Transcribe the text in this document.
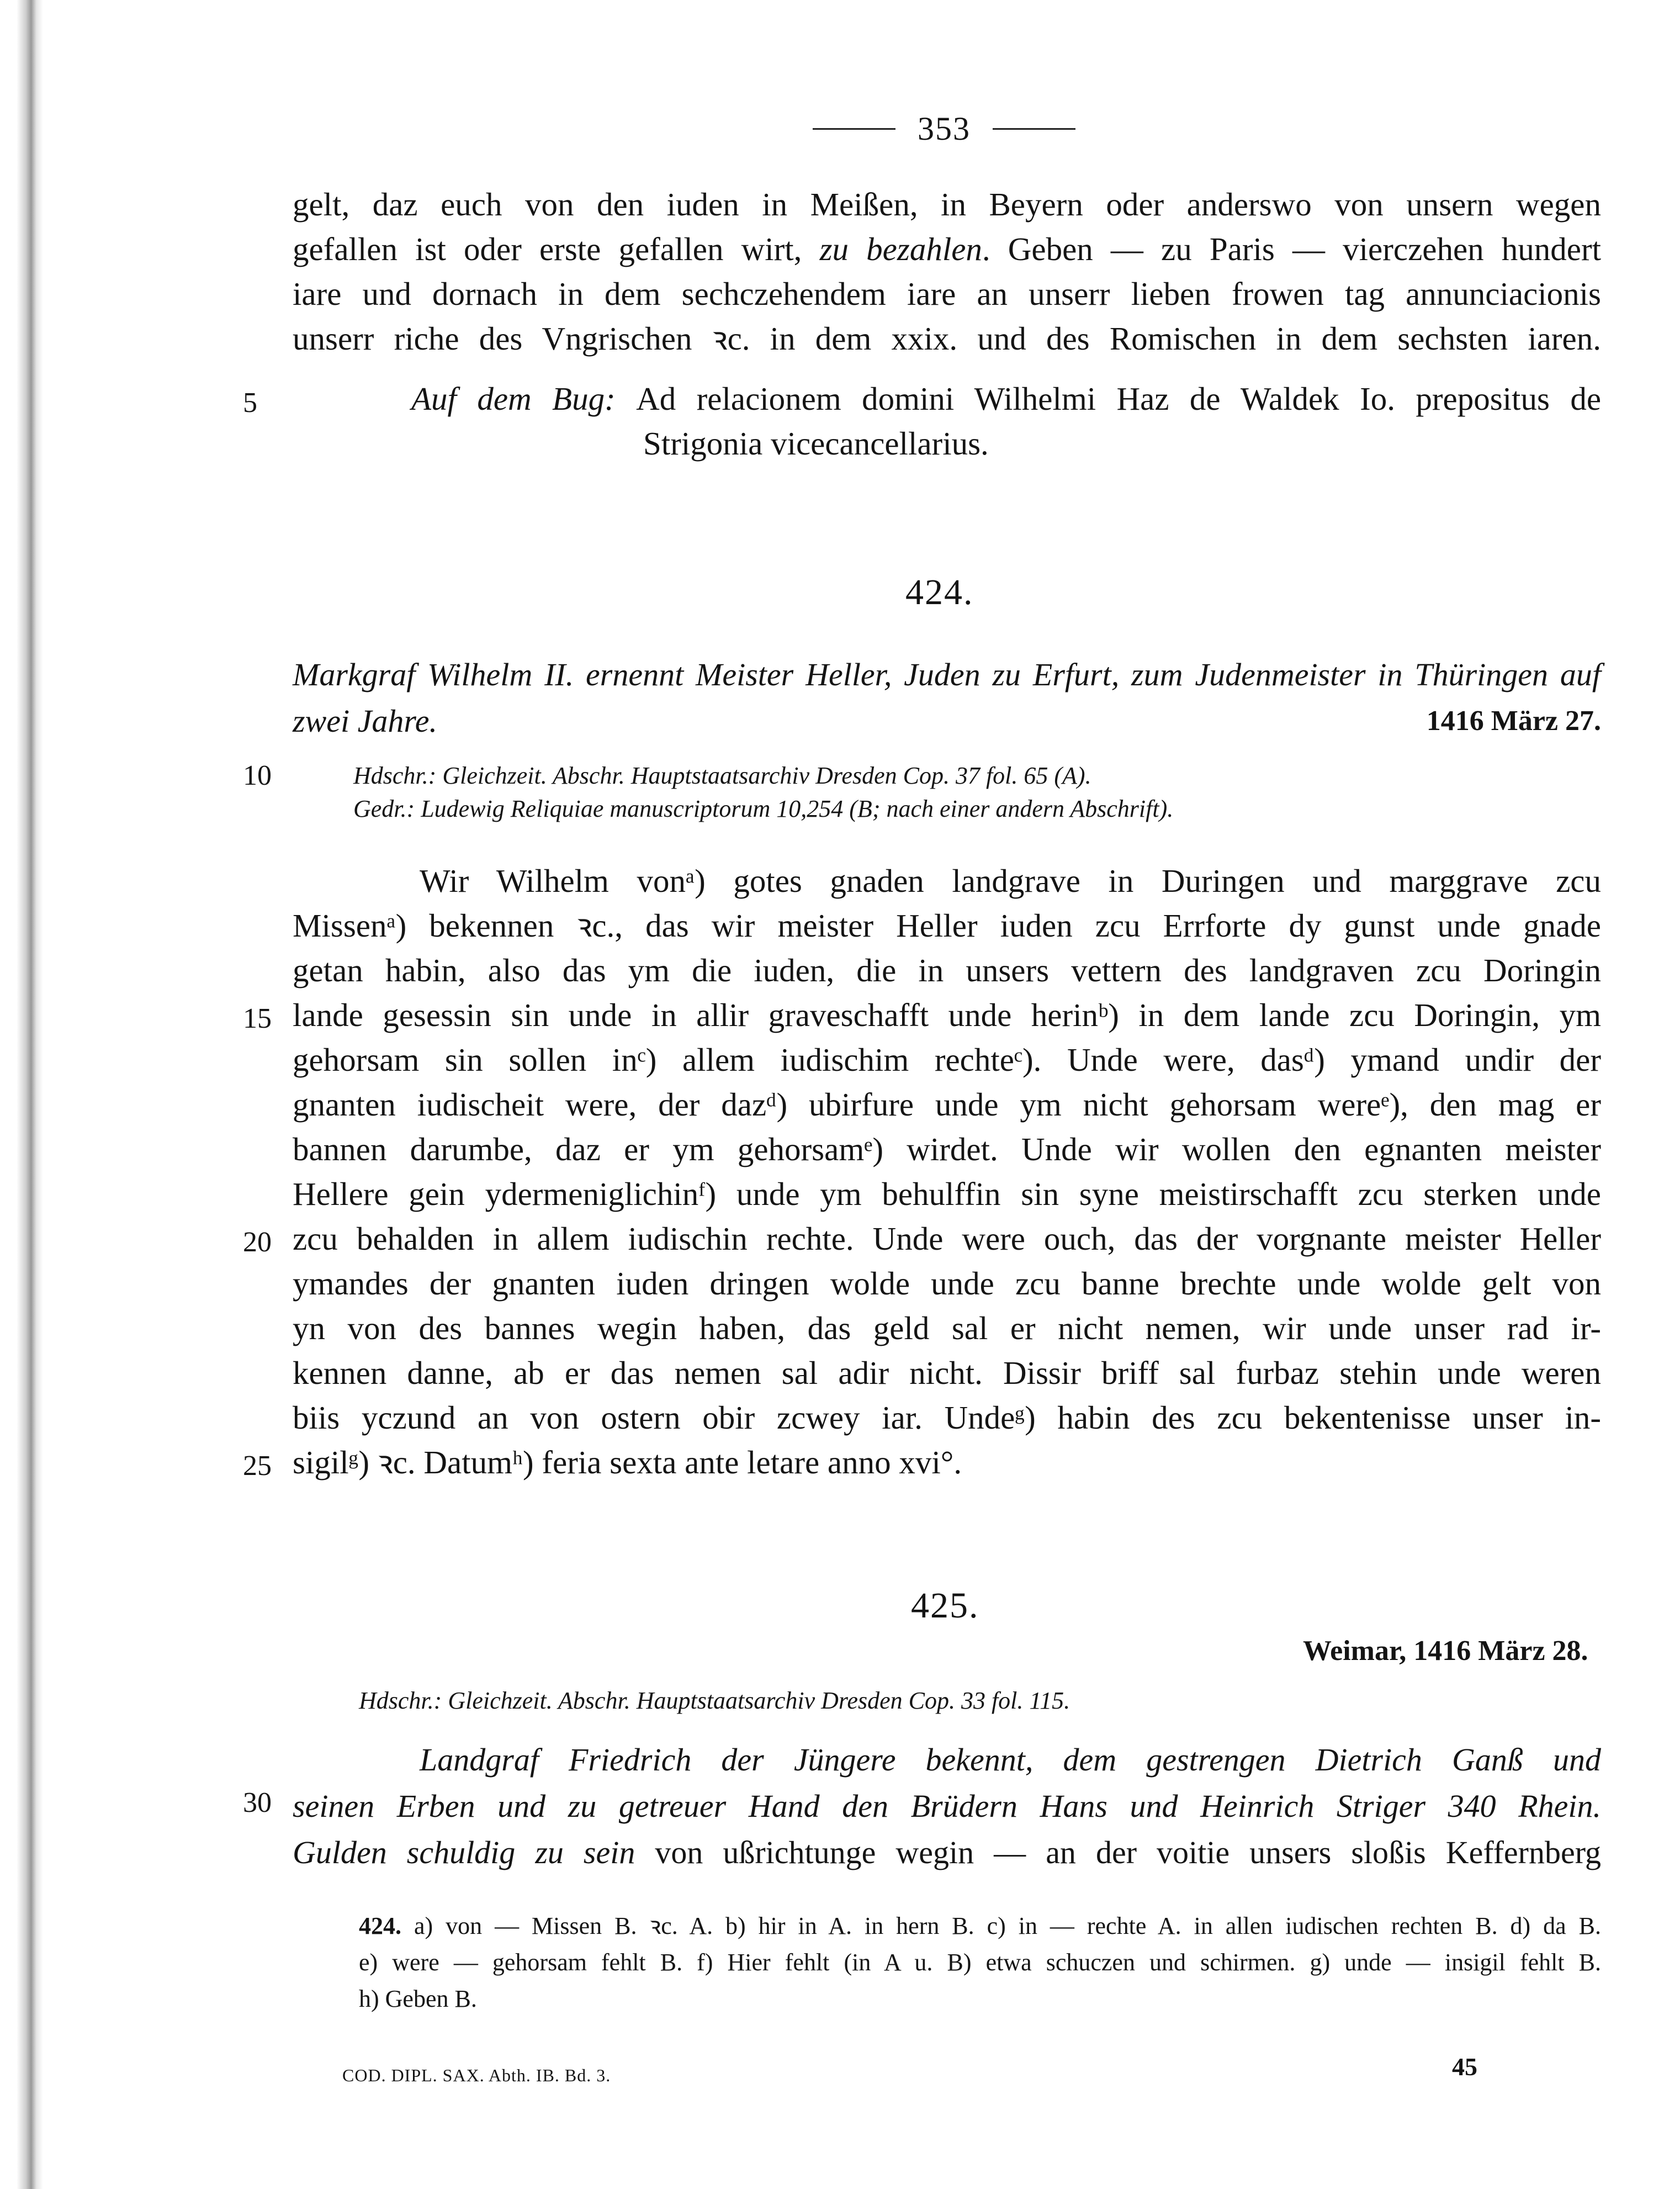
353
gelt, daz euch von den iuden in Meißen, in Beyern oder anderswo von unsern wegen
gefallen ist oder erste gefallen wirt, zu bezahlen. Geben — zu Paris — vierczehen hundert
iare und dornach in dem sechczehendem iare an unserr lieben frowen tag annunciacionis
unserr riche des Vngrischen ꝛc. in dem xxix. und des Romischen in dem sechsten iaren.
5	Auf dem Bug: Ad relacionem domini Wilhelmi Haz de Waldek Io. prepositus de
Strigonia vicecancellarius.
424.
Markgraf Wilhelm II. ernennt Meister Heller, Juden zu Erfurt, zum Judenmeister in Thüringen auf
zwei Jahre.	1416 März 27.
10	Hdschr.: Gleichzeit. Abschr. Hauptstaatsarchiv Dresden Cop. 37 fol. 65 (A).
Gedr.: Ludewig Reliquiae manuscriptorum 10,254 (B; nach einer andern Abschrift).
Wir Wilhelm vonᵃ) gotes gnaden landgrave in Duringen und marggrave zcu
Missenᵃ) bekennen ꝛc., das wir meister Heller iuden zcu Errforte dy gunst unde gnade
getan habin, also das ym die iuden, die in unsers vettern des landgraven zcu Doringin
lande gesessin sin unde in allir graveschafft unde herinᵇ) in dem lande zcu Doringin, ym
gehorsam sin sollen inᶜ) allem iudischim rechteᶜ). Unde were, dasᵈ) ymand undir der
gnanten iudischeit were, der dazᵈ) ubirfure unde ym nicht gehorsam wereᵉ), den mag er
bannen darumbe, daz er ym gehorsamᵉ) wirdet. Unde wir wollen den egnanten meister
Hellere gein ydermeniglichinᶠ) unde ym behulffin sin syne meistirschafft zcu sterken unde
zcu behalden in allem iudischin rechte. Unde were ouch, das der vorgnante meister Heller
ymandes der gnanten iuden dringen wolde unde zcu banne brechte unde wolde gelt von
yn von des bannes wegin haben, das geld sal er nicht nemen, wir unde unser rad ir-
kennen danne, ab er das nemen sal adir nicht. Dissir briff sal furbaz stehin unde weren
biis yczund an von ostern obir zcwey iar. Undeᵍ) habin des zcu bekentenisse unser in-
sigilᵍ) ꝛc. Datumʰ) feria sexta ante letare anno xvi°.
15
20
25
425.
Weimar, 1416 März 28.
Hdschr.: Gleichzeit. Abschr. Hauptstaatsarchiv Dresden Cop. 33 fol. 115.
Landgraf Friedrich der Jüngere bekennt, dem gestrengen Dietrich Ganß und
seinen Erben und zu getreuer Hand den Brüdern Hans und Heinrich Striger 340 Rhein.
Gulden schuldig zu sein von ußrichtunge wegin — an der voitie unsers sloßis Keffernberg
30
424. a) von — Missen B. ꝛc. A. b) hir in A. in hern B. c) in — rechte A. in allen iudischen rechten B. d) da B.
e) were — gehorsam fehlt B. f) Hier fehlt (in A u. B) etwa schuczen und schirmen. g) unde — insigil fehlt B.
h) Geben B.
COD. DIPL. SAX. Abth. IB. Bd. 3.	45
